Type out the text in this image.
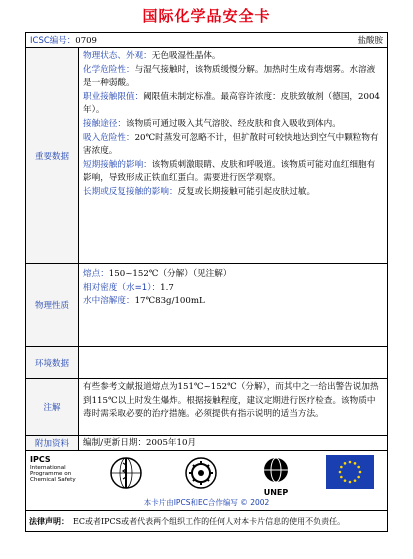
国际化学品安全卡
ICSC编号：0709	盐酸胺
重要数据
物理状态、外观：无色吸湿性晶体。
化学危险性：与湿气接触时，该物质缓慢分解。加热时生成有毒烟雾。水溶液是一种弱酸。
职业接触限值：阈限值未制定标准。最高容许浓度：皮肤致敏剂（德国，2004年）。
接触途径：该物质可通过吸入其气溶胶、经皮肤和食入吸收到体内。
吸入危险性：20℃时蒸发可忽略不计，但扩散时可较快地达到空气中颗粒物有害浓度。
短期接触的影响：该物质刺激眼睛、皮肤和呼吸道。该物质可能对血红细胞有影响，导致形成正铁血红蛋白。需要进行医学观察。
长期或反复接触的影响：反复或长期接触可能引起皮肤过敏。
物理性质
熔点：150~152℃（分解）（见注解）
相对密度（水=1）：1.7
水中溶解度：17℃83g/100mL
环境数据
注解
有些参考文献报道熔点为151℃~152℃（分解），而其中之一给出警告说加热到115℃以上时发生爆炸。根据接触程度，建议定期进行医疗检查。该物质中毒时需采取必要的治疗措施。必须提供有指示说明的适当方法。
附加资料	编制/更新日期：2005年10月
IPCS
International
Programme on
Chemical Safety
UNEP
本卡片由IPCS和EC合作编写 © 2002
法律声明： EC或者IPCS或者代表两个组织工作的任何人对本卡片信息的使用不负责任。
